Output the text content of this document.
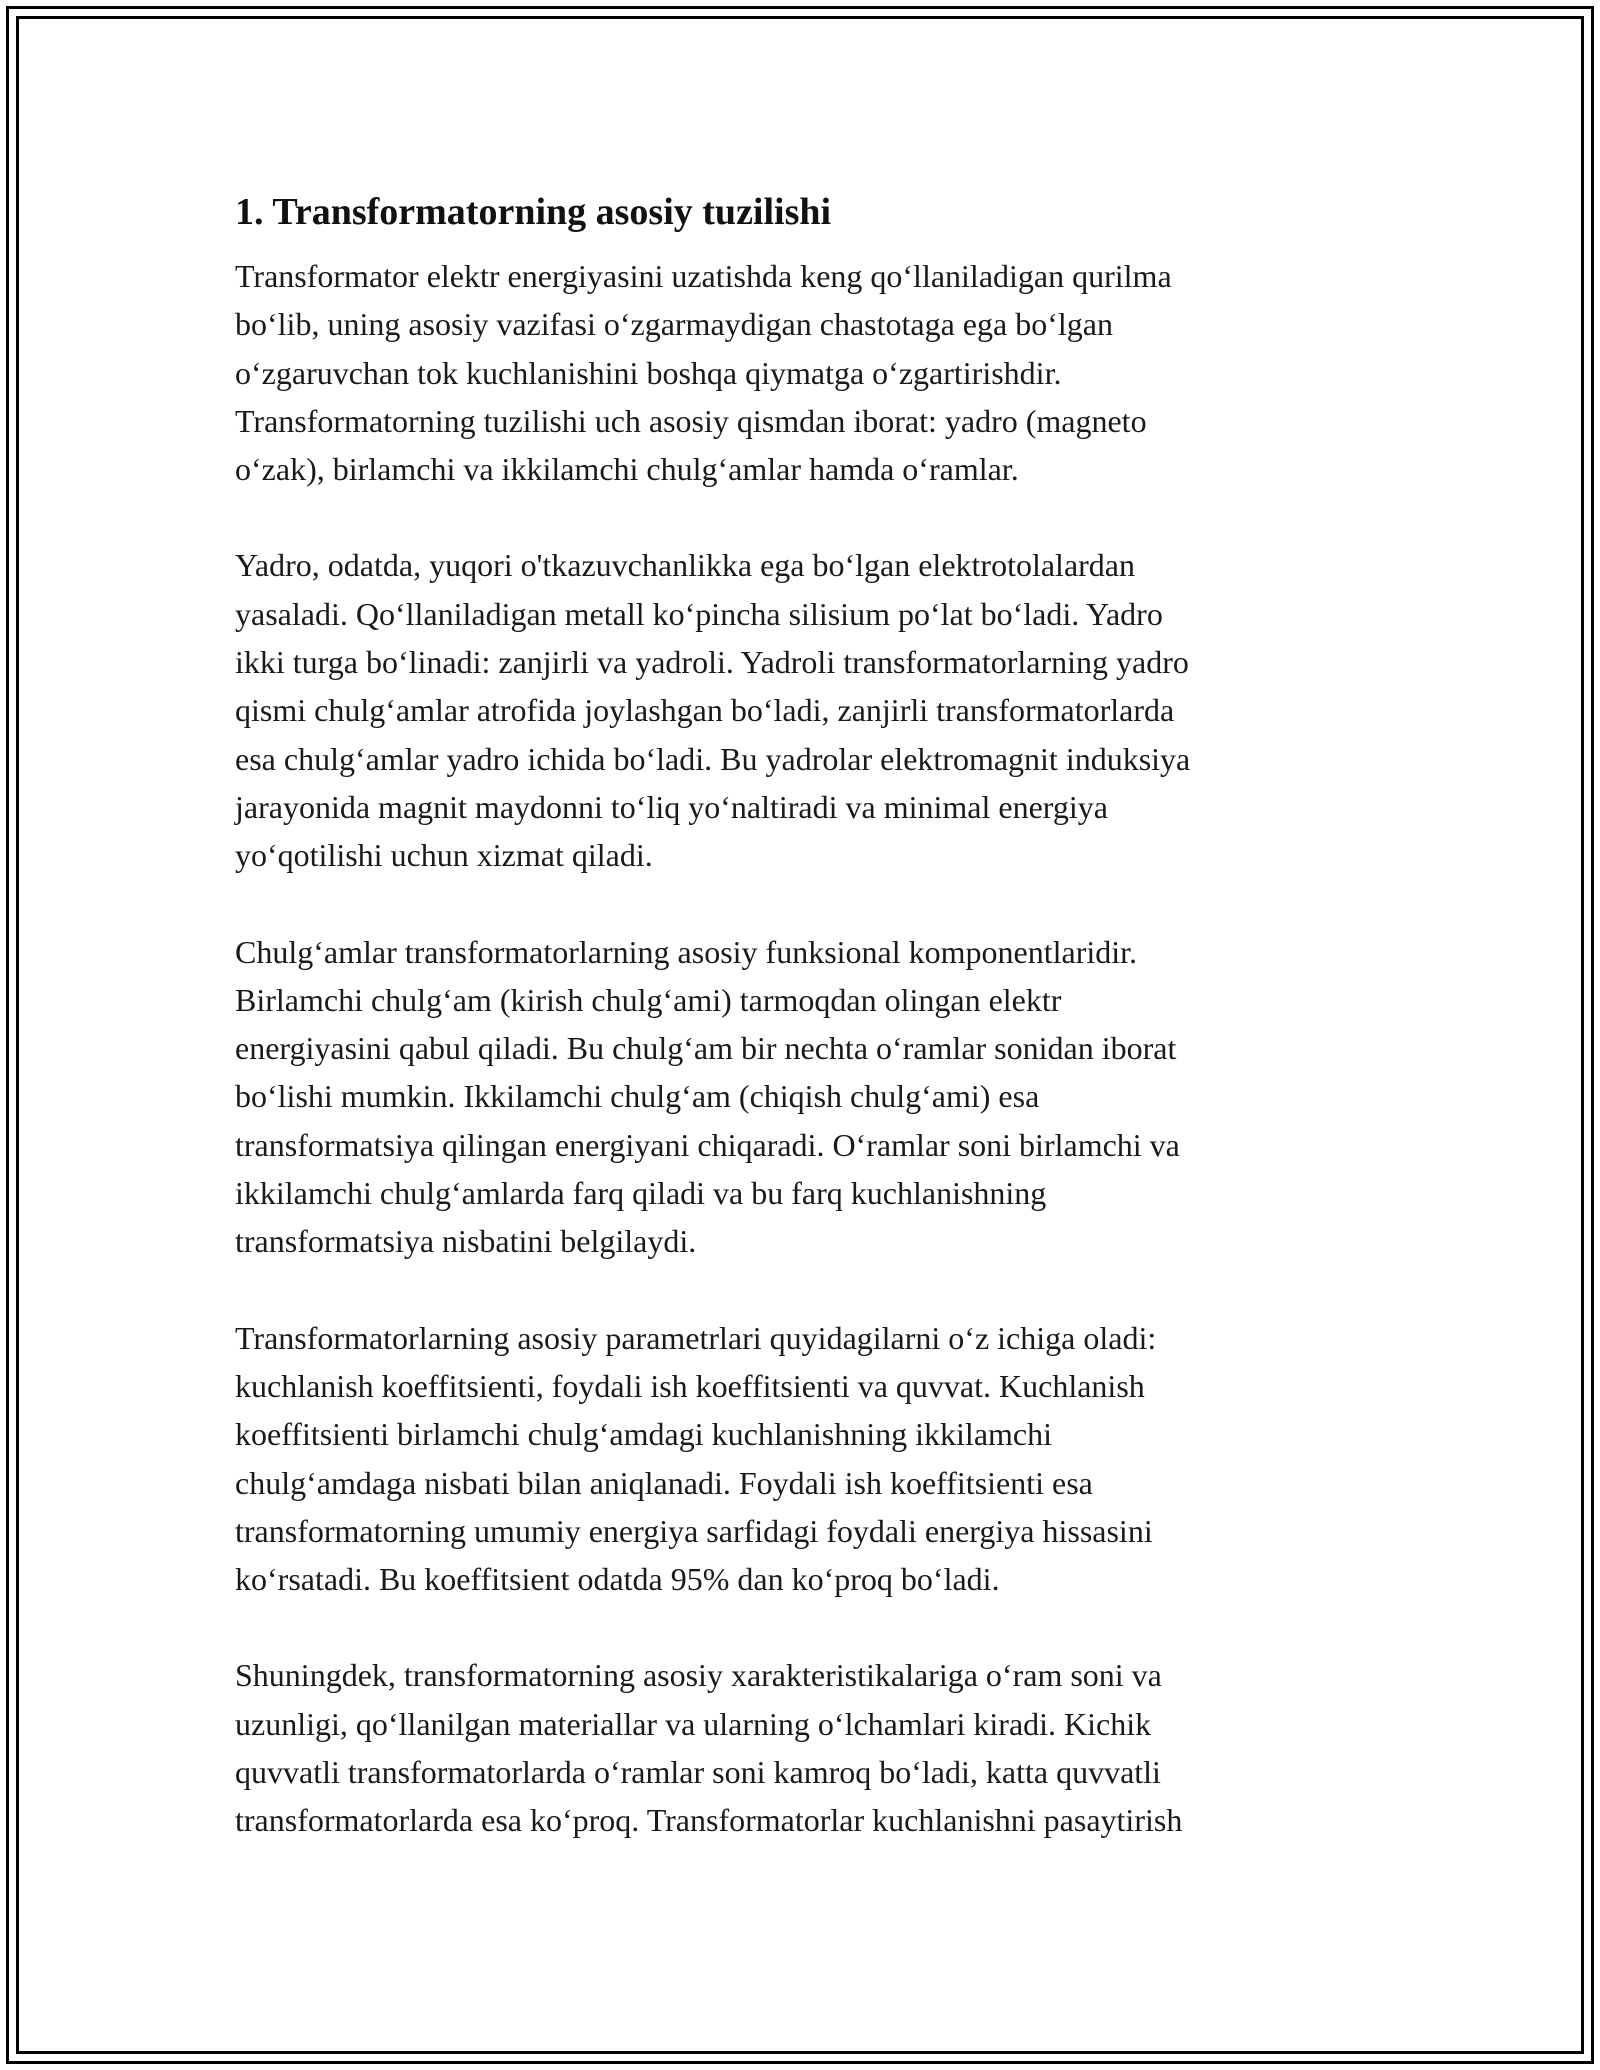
1. Transformatorning asosiy tuzilishi

Transformator elektr energiyasini uzatishda keng qo‘llaniladigan qurilma
bo‘lib, uning asosiy vazifasi o‘zgarmaydigan chastotaga ega bo‘lgan
o‘zgaruvchan tok kuchlanishini boshqa qiymatga o‘zgartirishdir.
Transformatorning tuzilishi uch asosiy qismdan iborat: yadro (magneto
o‘zak), birlamchi va ikkilamchi chulg‘amlar hamda o‘ramlar.

Yadro, odatda, yuqori o'tkazuvchanlikka ega bo‘lgan elektrotolalardan
yasaladi. Qo‘llaniladigan metall ko‘pincha silisium po‘lat bo‘ladi. Yadro
ikki turga bo‘linadi: zanjirli va yadroli. Yadroli transformatorlarning yadro
qismi chulg‘amlar atrofida joylashgan bo‘ladi, zanjirli transformatorlarda
esa chulg‘amlar yadro ichida bo‘ladi. Bu yadrolar elektromagnit induksiya
jarayonida magnit maydonni to‘liq yo‘naltiradi va minimal energiya
yo‘qotilishi uchun xizmat qiladi.

Chulg‘amlar transformatorlarning asosiy funksional komponentlaridir.
Birlamchi chulg‘am (kirish chulg‘ami) tarmoqdan olingan elektr
energiyasini qabul qiladi. Bu chulg‘am bir nechta o‘ramlar sonidan iborat
bo‘lishi mumkin. Ikkilamchi chulg‘am (chiqish chulg‘ami) esa
transformatsiya qilingan energiyani chiqaradi. O‘ramlar soni birlamchi va
ikkilamchi chulg‘amlarda farq qiladi va bu farq kuchlanishning
transformatsiya nisbatini belgilaydi.

Transformatorlarning asosiy parametrlari quyidagilarni o‘z ichiga oladi:
kuchlanish koeffitsienti, foydali ish koeffitsienti va quvvat. Kuchlanish
koeffitsienti birlamchi chulg‘amdagi kuchlanishning ikkilamchi
chulg‘amdaga nisbati bilan aniqlanadi. Foydali ish koeffitsienti esa
transformatorning umumiy energiya sarfidagi foydali energiya hissasini
ko‘rsatadi. Bu koeffitsient odatda 95% dan ko‘proq bo‘ladi.

Shuningdek, transformatorning asosiy xarakteristikalariga o‘ram soni va
uzunligi, qo‘llanilgan materiallar va ularning o‘lchamlari kiradi. Kichik
quvvatli transformatorlarda o‘ramlar soni kamroq bo‘ladi, katta quvvatli
transformatorlarda esa ko‘proq. Transformatorlar kuchlanishni pasaytirish
